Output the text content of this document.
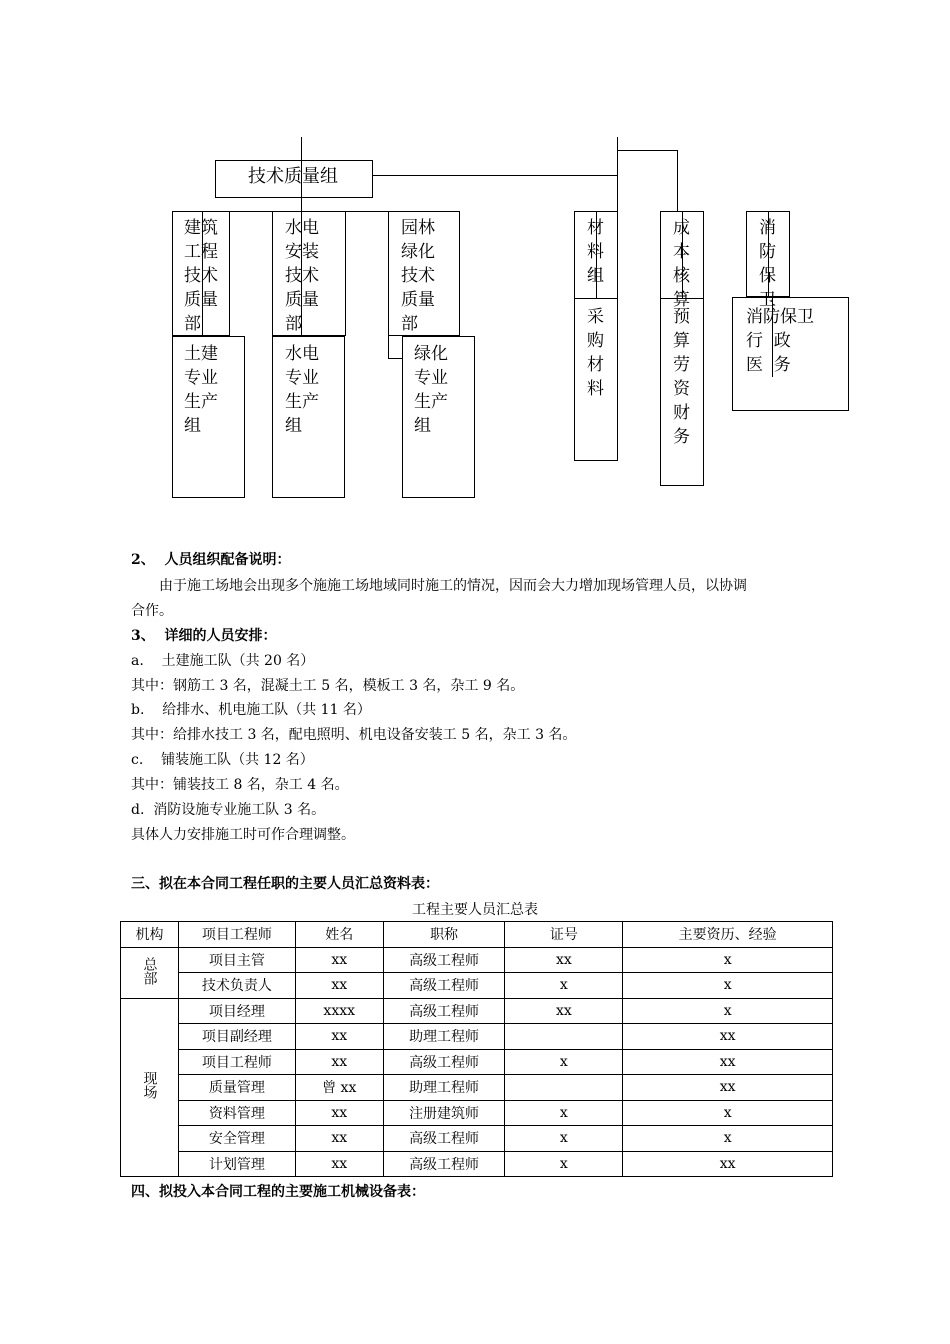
技术质量组
建筑
工程
技术
质量
部
水电
安装
技术
质量
部
园林
绿化
技术
质量
部
土建
专业
生产
组
水电
专业
生产
组
绿化
专业
生产
组
材
料
组
采
购
材
料
成
本
核
算
预
算
劳
资
财
务
消
防
保
卫
消防保卫
行  政
医  务
2、  人员组织配备说明：
由于施工场地会出现多个施施工场地域同时施工的情况，因而会大力增加现场管理人员，以协调
合作。
3、  详细的人员安排：
a.    土建施工队（共 20 名）
其中：钢筋工 3 名，混凝土工 5 名，模板工 3 名，杂工 9 名。
b.    给排水、机电施工队（共 11 名）
其中：给排水技工 3 名，配电照明、机电设备安装工 5 名，杂工 3 名。
c.    铺装施工队（共 12 名）
其中：铺装技工 8 名，杂工 4 名。
d.  消防设施专业施工队 3 名。
具体人力安排施工时可作合理调整。
三、拟在本合同工程任职的主要人员汇总资料表：
工程主要人员汇总表
机构	项目工程师	姓名	职称	证号	主要资历、经验
总部	项目主管	xx	高级工程师	xx	x
	技术负责人	xx	高级工程师	x	x
现场	项目经理	xxxx	高级工程师	xx	x
	项目副经理	xx	助理工程师		xx
	项目工程师	xx	高级工程师	x	xx
	质量管理	曾 xx	助理工程师		xx
	资料管理	xx	注册建筑师	x	x
	安全管理	xx	高级工程师	x	x
	计划管理	xx	高级工程师	x	xx
四、拟投入本合同工程的主要施工机械设备表：
